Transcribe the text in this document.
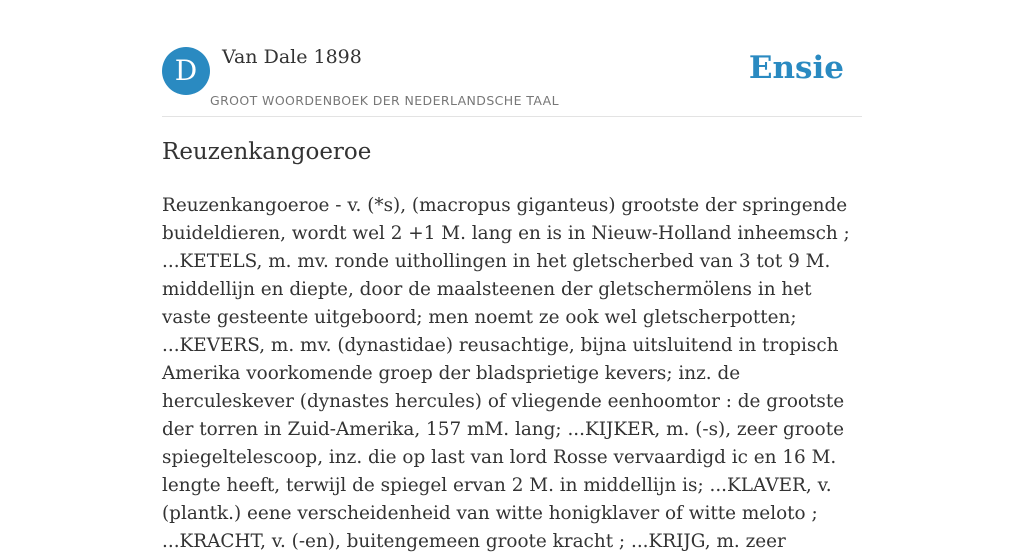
D	Van Dale 1898
GROOT WOORDENBOEK DER NEDERLANDSCHE TAAL
Ensie
Reuzenkangoeroe

Reuzenkangoeroe - v. (*s), (macropus giganteus) grootste der springende buideldieren, wordt wel 2 +1 M. lang en is in Nieuw-Holland inheemsch ; ...KETELS, m. mv. ronde uithollingen in het gletscherbed van 3 tot 9 M. middellijn en diepte, door de maalsteenen der gletschermölens in het vaste gesteente uitgeboord; men noemt ze ook wel gletscherpotten; ...KEVERS, m. mv. (dynastidae) reusachtige, bijna uitsluitend in tropisch Amerika voorkomende groep der bladsprietige kevers; inz. de herculeskever (dynastes hercules) of vliegende eenhoomtor : de grootste der torren in Zuid-Amerika, 157 mM. lang; ...KIJKER, m. (-s), zeer groote spiegeltelescoop, inz. die op last van lord Rosse vervaardigd ic en 16 M. lengte heeft, terwijl de spiegel ervan 2 M. in middellijn is; ...KLAVER, v. (plantk.) eene verscheidenheid van witte honigklaver of witte meloto ; ...KRACHT, v. (-en), buitengemeen groote kracht ; ...KRIJG, m. zeer
